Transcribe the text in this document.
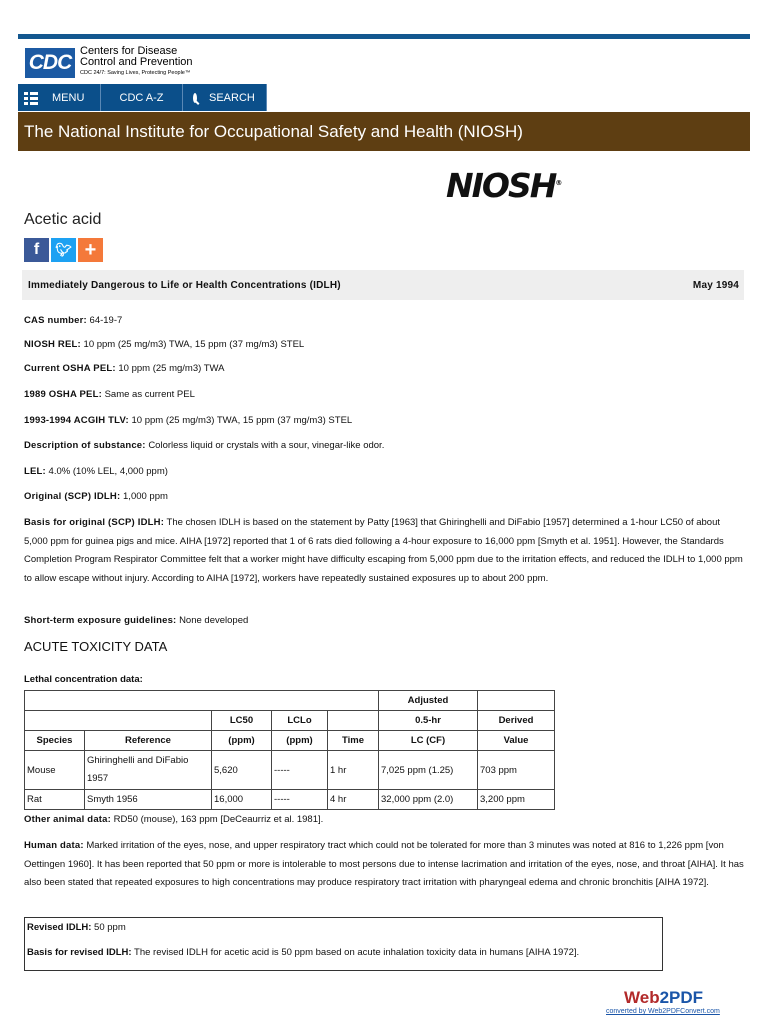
CDC Centers for Disease
Control and Prevention
CDC 24/7: Saving Lives, Protecting People™
MENU	CDC A-Z	SEARCH
The National Institute for Occupational Safety and Health (NIOSH)
NIOSH®
Acetic acid
f	🐦︎ +
Immediately Dangerous to Life or Health Concentrations (IDLH)	May 1994
CAS number: 64-19-7
NIOSH REL: 10 ppm (25 mg/m3) TWA, 15 ppm (37 mg/m3) STEL
Current OSHA PEL: 10 ppm (25 mg/m3) TWA
1989 OSHA PEL: Same as current PEL
1993-1994 ACGIH TLV: 10 ppm (25 mg/m3) TWA, 15 ppm (37 mg/m3) STEL
Description of substance: Colorless liquid or crystals with a sour, vinegar-like odor.
LEL: 4.0% (10% LEL, 4,000 ppm)
Original (SCP) IDLH: 1,000 ppm
Basis for original (SCP) IDLH: The chosen IDLH is based on the statement by Patty [1963] that Ghiringhelli and DiFabio [1957] determined a 1-hour LC50 of about 5,000 ppm for guinea pigs and mice. AIHA [1972] reported that 1 of 6 rats died following a 4-hour exposure to 16,000 ppm [Smyth et al. 1951]. However, the Standards Completion Program Respirator Committee felt that a worker might have difficulty escaping from 5,000 ppm due to the irritation effects, and reduced the IDLH to 1,000 ppm to allow escape without injury. According to AIHA [1972], workers have repeatedly sustained exposures up to about 200 ppm.
Short-term exposure guidelines: None developed
ACUTE TOXICITY DATA
Lethal concentration data:
					Adjusted	
		LC50	LCLo		0.5-hr	Derived
Species	Reference	(ppm)	(ppm)	Time	LC (CF)	Value
Mouse	Ghiringhelli and DiFabio 1957	5,620	-----	1 hr	7,025 ppm (1.25)	703 ppm
Rat	Smyth 1956	16,000	-----	4 hr	32,000 ppm (2.0)	3,200 ppm
Other animal data: RD50 (mouse), 163 ppm [DeCeaurriz et al. 1981].
Human data: Marked irritation of the eyes, nose, and upper respiratory tract which could not be tolerated for more than 3 minutes was noted at 816 to 1,226 ppm [von Oettingen 1960]. It has been reported that 50 ppm or more is intolerable to most persons due to intense lacrimation and irritation of the eyes, nose, and throat [AIHA]. It has also been stated that repeated exposures to high concentrations may produce respiratory tract irritation with pharyngeal edema and chronic bronchitis [AIHA 1972].
Revised IDLH: 50 ppm
Basis for revised IDLH: The revised IDLH for acetic acid is 50 ppm based on acute inhalation toxicity data in humans [AIHA 1972].
Web2PDF
converted by Web2PDFConvert.com
